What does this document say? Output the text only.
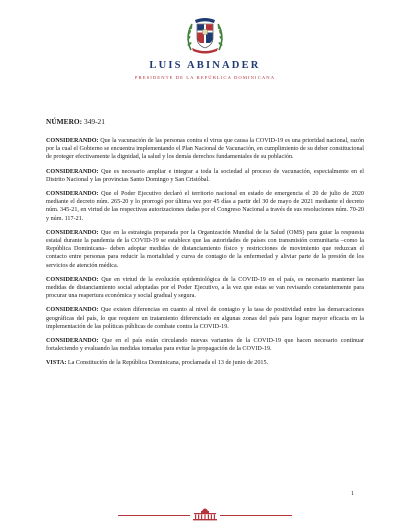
LUIS ABINADER
PRESIDENTE DE LA REPÚBLICA DOMINICANA

NÚMERO: 349-21

CONSIDERANDO: Que la vacunación de las personas contra el virus que causa la COVID-19 es una prioridad nacional, razón por la cual el Gobierno se encuentra implementando el Plan Nacional de Vacunación, en cumplimiento de su deber constitucional de proteger efectivamente la dignidad, la salud y los demás derechos fundamentales de su población.

CONSIDERANDO: Que es necesario ampliar e integrar a toda la sociedad al proceso de vacunación, especialmente en el Distrito Nacional y las provincias Santo Domingo y San Cristóbal.

CONSIDERANDO: Que el Poder Ejecutivo declaró el territorio nacional en estado de emergencia el 20 de julio de 2020 mediante el decreto núm. 265-20 y lo prorrogó por última vez por 45 días a partir del 30 de mayo de 2021 mediante el decreto núm. 345-21, en virtud de las respectivas autorizaciones dadas por el Congreso Nacional a través de sus resoluciones núm. 70-20 y núm. 117-21.

CONSIDERANDO: Que en la estrategia preparada por la Organización Mundial de la Salud (OMS) para guiar la respuesta estatal durante la pandemia de la COVID-19 se establece que las autoridades de países con transmisión comunitaria –como la República Dominicana– deben adoptar medidas de distanciamiento físico y restricciones de movimiento que reduzcan el contacto entre personas para reducir la mortalidad y curva de contagio de la enfermedad y aliviar parte de la presión de los servicios de atención médica.

CONSIDERANDO: Que en virtud de la evolución epidemiológica de la COVID-19 en el país, es necesario mantener las medidas de distanciamiento social adoptadas por el Poder Ejecutivo, a la vez que estas se van revisando constantemente para procurar una reapertura económica y social gradual y segura.

CONSIDERANDO: Que existen diferencias en cuanto al nivel de contagio y la tasa de positividad entre las demarcaciones geográficas del país, lo que requiere un tratamiento diferenciado en algunas zonas del país para lograr mayor eficacia en la implementación de las políticas públicas de combate contra la COVID-19.

CONSIDERANDO: Que en el país están circulando nuevas variantes de la COVID-19 que hacen necesario continuar fortaleciendo y evaluando las medidas tomadas para evitar la propagación de la COVID-19.

VISTA: La Constitución de la República Dominicana, proclamada el 13 de junio de 2015.

1
